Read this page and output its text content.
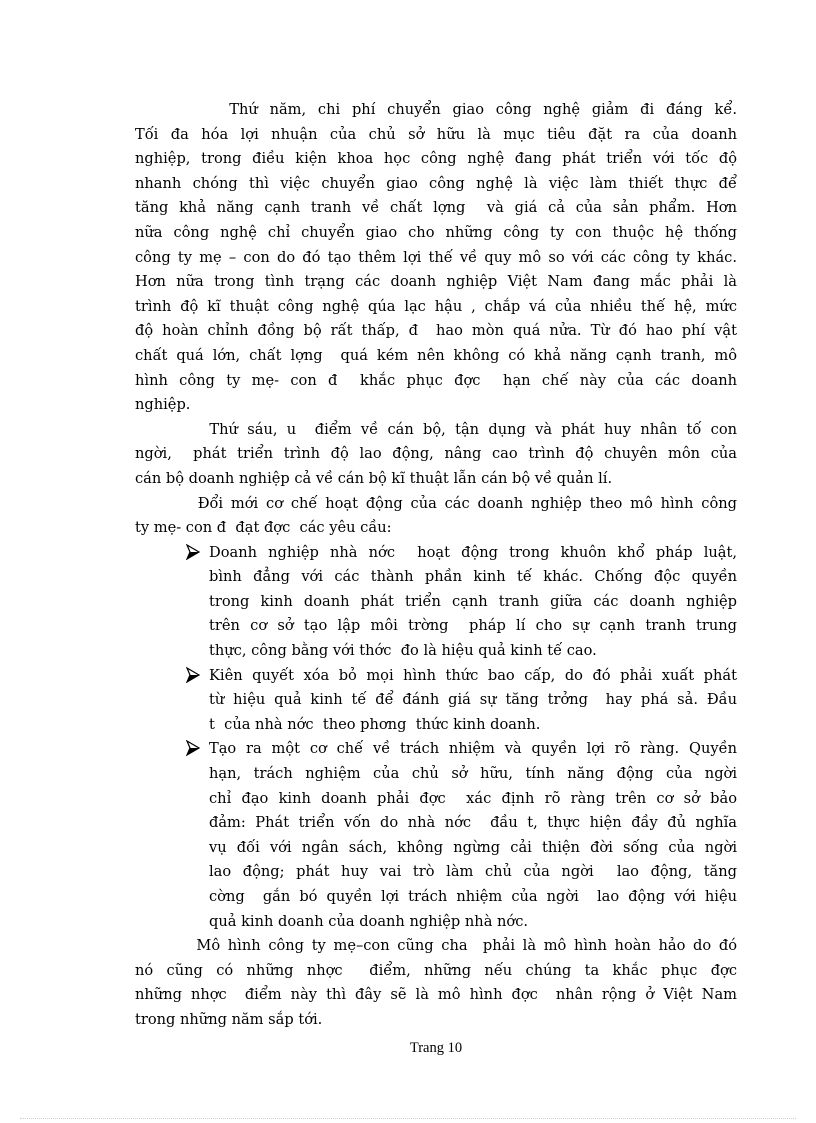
Thứ năm, chi phí chuyển giao công nghệ giảm đi đáng kể.
Tối đa hóa lợi nhuận của chủ sở hữu là mục tiêu đặt ra của doanh
nghiệp, trong điều kiện khoa học công nghệ đang phát triển với tốc độ
nhanh chóng thì việc chuyển giao công nghệ là việc làm thiết thực để
tăng khả năng cạnh tranh về chất lợng  và giá cả của sản phẩm. Hơn
nữa công nghệ chỉ chuyển giao cho những công ty con thuộc hệ thống
công ty mẹ – con do đó tạo thêm lợi thế về quy mô so với các công ty khác.
Hơn nữa trong tình trạng các doanh nghiệp Việt Nam đang mắc phải là
trình độ kĩ thuật công nghệ qúa lạc hậu , chắp vá của nhiều thế hệ, mức
độ hoàn chỉnh đồng bộ rất thấp, đ  hao mòn quá nửa. Từ đó hao phí vật
chất quá lớn, chất lợng  quá kém nên không có khả năng cạnh tranh, mô
hình công ty mẹ- con đ  khắc phục đợc  hạn chế này của các doanh
nghiệp.
Thứ sáu, u  điểm về cán bộ, tận dụng và phát huy nhân tố con
ngời,  phát triển trình độ lao động, nâng cao trình độ chuyên môn của
cán bộ doanh nghiệp cả về cán bộ kĩ thuật lẫn cán bộ về quản lí.
Đổi mới cơ chế hoạt động của các doanh nghiệp theo mô hình công
ty mẹ- con đ  đạt đợc  các yêu cầu:
Doanh nghiệp nhà nớc  hoạt động trong khuôn khổ pháp luật,
bình đẳng với các thành phần kinh tế khác. Chống độc quyền
trong kinh doanh phát triển cạnh tranh giữa các doanh nghiệp
trên cơ sở tạo lập môi trờng  pháp lí cho sự cạnh tranh trung
thực, công bằng với thớc  đo là hiệu quả kinh tế cao.
Kiên quyết xóa bỏ mọi hình thức bao cấp, do đó phải xuất phát
từ hiệu quả kinh tế để đánh giá sự tăng trởng  hay phá sả. Đầu
t  của nhà nớc  theo phơng  thức kinh doanh.
Tạo ra một cơ chế về trách nhiệm và quyền lợi rõ ràng. Quyền
hạn, trách nghiệm của chủ sở hữu, tính năng động của ngời
chỉ đạo kinh doanh phải đợc  xác định rõ ràng trên cơ sở bảo
đảm: Phát triển vốn do nhà nớc  đầu t, thực hiện đầy đủ nghĩa
vụ đối với ngân sách, không ngừng cải thiện đời sống của ngời
lao động; phát huy vai trò làm chủ của ngời  lao động, tăng
cờng  gắn bó quyền lợi trách nhiệm của ngời  lao động với hiệu
quả kinh doanh của doanh nghiệp nhà nớc.
Mô hình công ty mẹ–con cũng cha  phải là mô hình hoàn hảo do đó
nó cũng có những nhợc  điểm, những nếu chúng ta khắc phục đợc
những nhợc  điểm này thì đây sẽ là mô hình đợc  nhân rộng ở Việt Nam
trong những năm sắp tới.
Trang 10
